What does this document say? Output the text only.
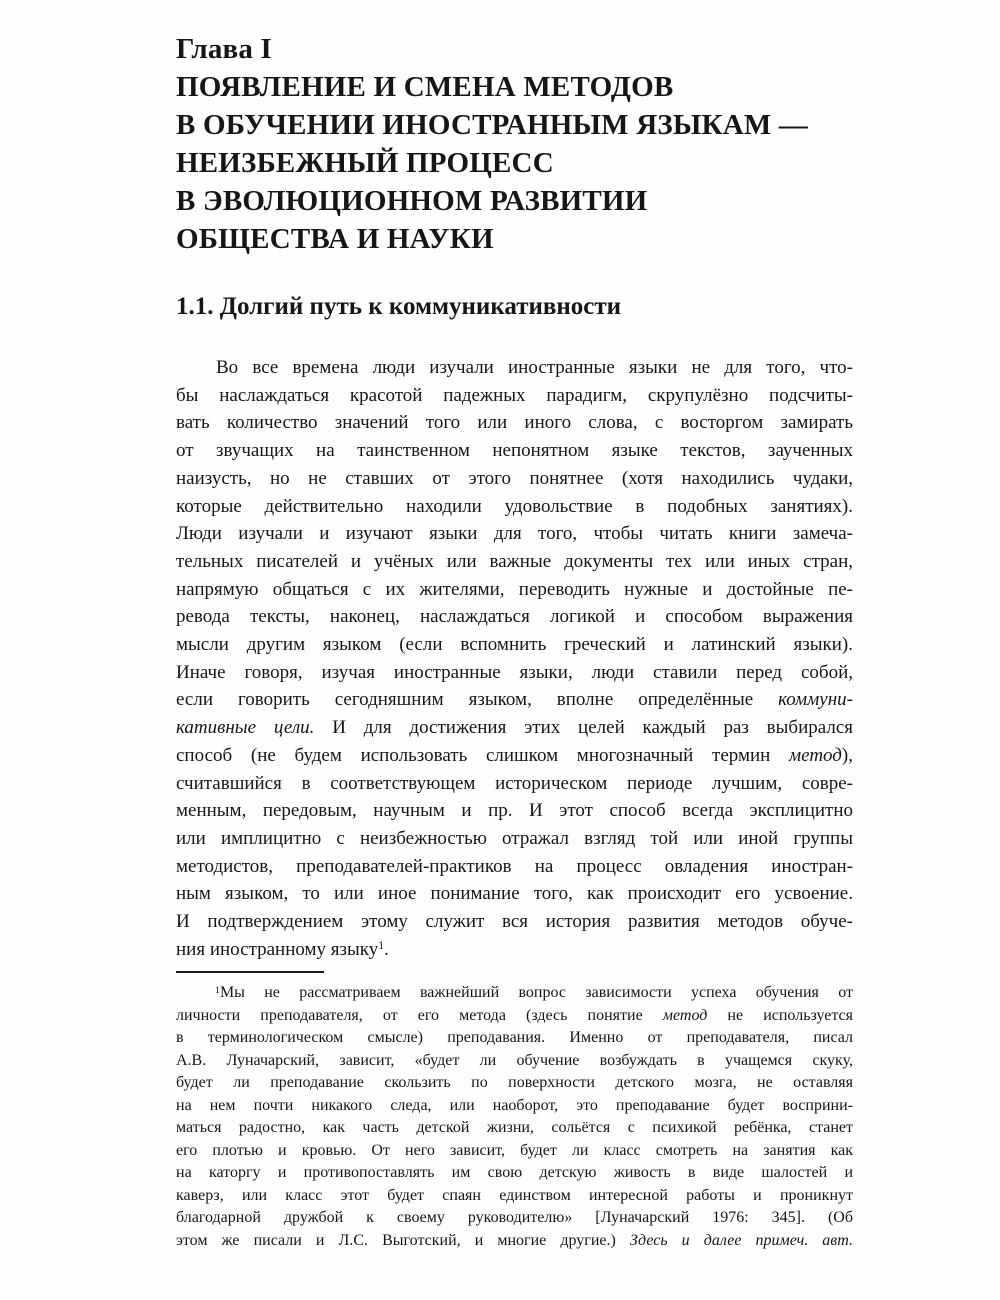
Глава I
ПОЯВЛЕНИЕ И СМЕНА МЕТОДОВ
В ОБУЧЕНИИ ИНОСТРАННЫМ ЯЗЫКАМ —
НЕИЗБЕЖНЫЙ ПРОЦЕСС
В ЭВОЛЮЦИОННОМ РАЗВИТИИ
ОБЩЕСТВА И НАУКИ
1.1. Долгий путь к коммуникативности
Во все времена люди изучали иностранные языки не для того, что-
бы наслаждаться красотой падежных парадигм, скрупулёзно подсчиты-
вать количество значений того или иного слова, с восторгом замирать
от звучащих на таинственном непонятном языке текстов, заученных
наизусть, но не ставших от этого понятнее (хотя находились чудаки,
которые действительно находили удовольствие в подобных занятиях).
Люди изучали и изучают языки для того, чтобы читать книги замеча-
тельных писателей и учёных или важные документы тех или иных стран,
напрямую общаться с их жителями, переводить нужные и достойные пе-
ревода тексты, наконец, наслаждаться логикой и способом выражения
мысли другим языком (если вспомнить греческий и латинский языки).
Иначе говоря, изучая иностранные языки, люди ставили перед собой,
если говорить сегодняшним языком, вполне определённые коммуни-
кативные цели. И для достижения этих целей каждый раз выбирался
способ (не будем использовать слишком многозначный термин метод),
считавшийся в соответствующем историческом периоде лучшим, совре-
менным, передовым, научным и пр. И этот способ всегда эксплицитно
или имплицитно с неизбежностью отражал взгляд той или иной группы
методистов, преподавателей-практиков на процесс овладения иностран-
ным языком, то или иное понимание того, как происходит его усвоение.
И подтверждением этому служит вся история развития методов обуче-
ния иностранному языку$^1$.
$^1$Мы не рассматриваем важнейший вопрос зависимости успеха обучения от
личности преподавателя, от его метода (здесь понятие метод не используется
в терминологическом смысле) преподавания. Именно от преподавателя, писал
А.В. Луначарский, зависит, «будет ли обучение возбуждать в учащемся скуку,
будет ли преподавание скользить по поверхности детского мозга, не оставляя
на нем почти никакого следа, или наоборот, это преподавание будет восприни-
маться радостно, как часть детской жизни, сольётся с психикой ребёнка, станет
его плотью и кровью. От него зависит, будет ли класс смотреть на занятия как
на каторгу и противопоставлять им свою детскую живость в виде шалостей и
каверз, или класс этот будет спаян единством интересной работы и проникнут
благодарной дружбой к своему руководителю» [Луначарский 1976: 345]. (Об
этом же писали и Л.С. Выготский, и многие другие.) Здесь и далее примеч. авт.
